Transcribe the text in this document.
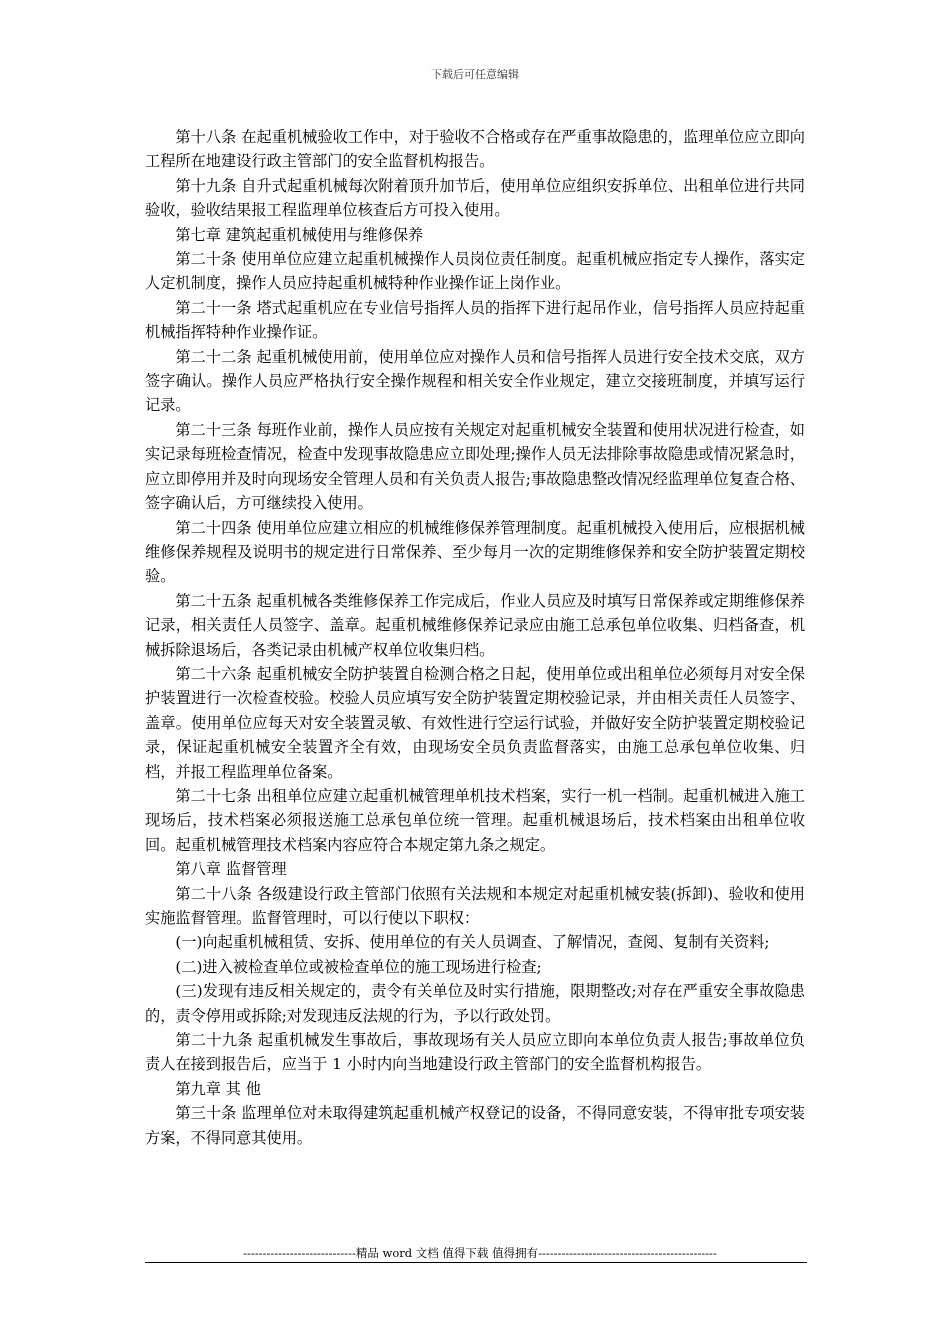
下载后可任意编辑

第十八条 在起重机械验收工作中，对于验收不合格或存在严重事故隐患的，监理单位应立即向工程所在地建设行政主管部门的安全监督机构报告。

第十九条 自升式起重机械每次附着顶升加节后，使用单位应组织安拆单位、出租单位进行共同验收，验收结果报工程监理单位核查后方可投入使用。

第七章 建筑起重机械使用与维修保养

第二十条 使用单位应建立起重机械操作人员岗位责任制度。起重机械应指定专人操作，落实定人定机制度，操作人员应持起重机械特种作业操作证上岗作业。

第二十一条 塔式起重机应在专业信号指挥人员的指挥下进行起吊作业，信号指挥人员应持起重机械指挥特种作业操作证。

第二十二条 起重机械使用前，使用单位应对操作人员和信号指挥人员进行安全技术交底，双方签字确认。操作人员应严格执行安全操作规程和相关安全作业规定，建立交接班制度，并填写运行记录。

第二十三条 每班作业前，操作人员应按有关规定对起重机械安全装置和使用状况进行检查，如实记录每班检查情况，检查中发现事故隐患应立即处理;操作人员无法排除事故隐患或情况紧急时，应立即停用并及时向现场安全管理人员和有关负责人报告;事故隐患整改情况经监理单位复查合格、签字确认后，方可继续投入使用。

第二十四条 使用单位应建立相应的机械维修保养管理制度。起重机械投入使用后，应根据机械维修保养规程及说明书的规定进行日常保养、至少每月一次的定期维修保养和安全防护装置定期校验。

第二十五条 起重机械各类维修保养工作完成后，作业人员应及时填写日常保养或定期维修保养记录，相关责任人员签字、盖章。起重机械维修保养记录应由施工总承包单位收集、归档备查，机械拆除退场后，各类记录由机械产权单位收集归档。

第二十六条 起重机械安全防护装置自检测合格之日起，使用单位或出租单位必须每月对安全保护装置进行一次检查校验。校验人员应填写安全防护装置定期校验记录，并由相关责任人员签字、盖章。使用单位应每天对安全装置灵敏、有效性进行空运行试验，并做好安全防护装置定期校验记录，保证起重机械安全装置齐全有效，由现场安全员负责监督落实，由施工总承包单位收集、归档，并报工程监理单位备案。

第二十七条 出租单位应建立起重机械管理单机技术档案，实行一机一档制。起重机械进入施工现场后，技术档案必须报送施工总承包单位统一管理。起重机械退场后，技术档案由出租单位收回。起重机械管理技术档案内容应符合本规定第九条之规定。

第八章 监督管理

第二十八条 各级建设行政主管部门依照有关法规和本规定对起重机械安装(拆卸)、验收和使用实施监督管理。监督管理时，可以行使以下职权：

(一)向起重机械租赁、安拆、使用单位的有关人员调查、了解情况，查阅、复制有关资料;

(二)进入被检查单位或被检查单位的施工现场进行检查;

(三)发现有违反相关规定的，责令有关单位及时实行措施，限期整改;对存在严重安全事故隐患的，责令停用或拆除;对发现违反法规的行为，予以行政处罚。

第二十九条 起重机械发生事故后，事故现场有关人员应立即向本单位负责人报告;事故单位负责人在接到报告后，应当于 1 小时内向当地建设行政主管部门的安全监督机构报告。

第九章 其 他

第三十条 监理单位对未取得建筑起重机械产权登记的设备，不得同意安装，不得审批专项安装方案，不得同意其使用。

-----------------------------精品 word 文档 值得下载 值得拥有----------------------------------------------
